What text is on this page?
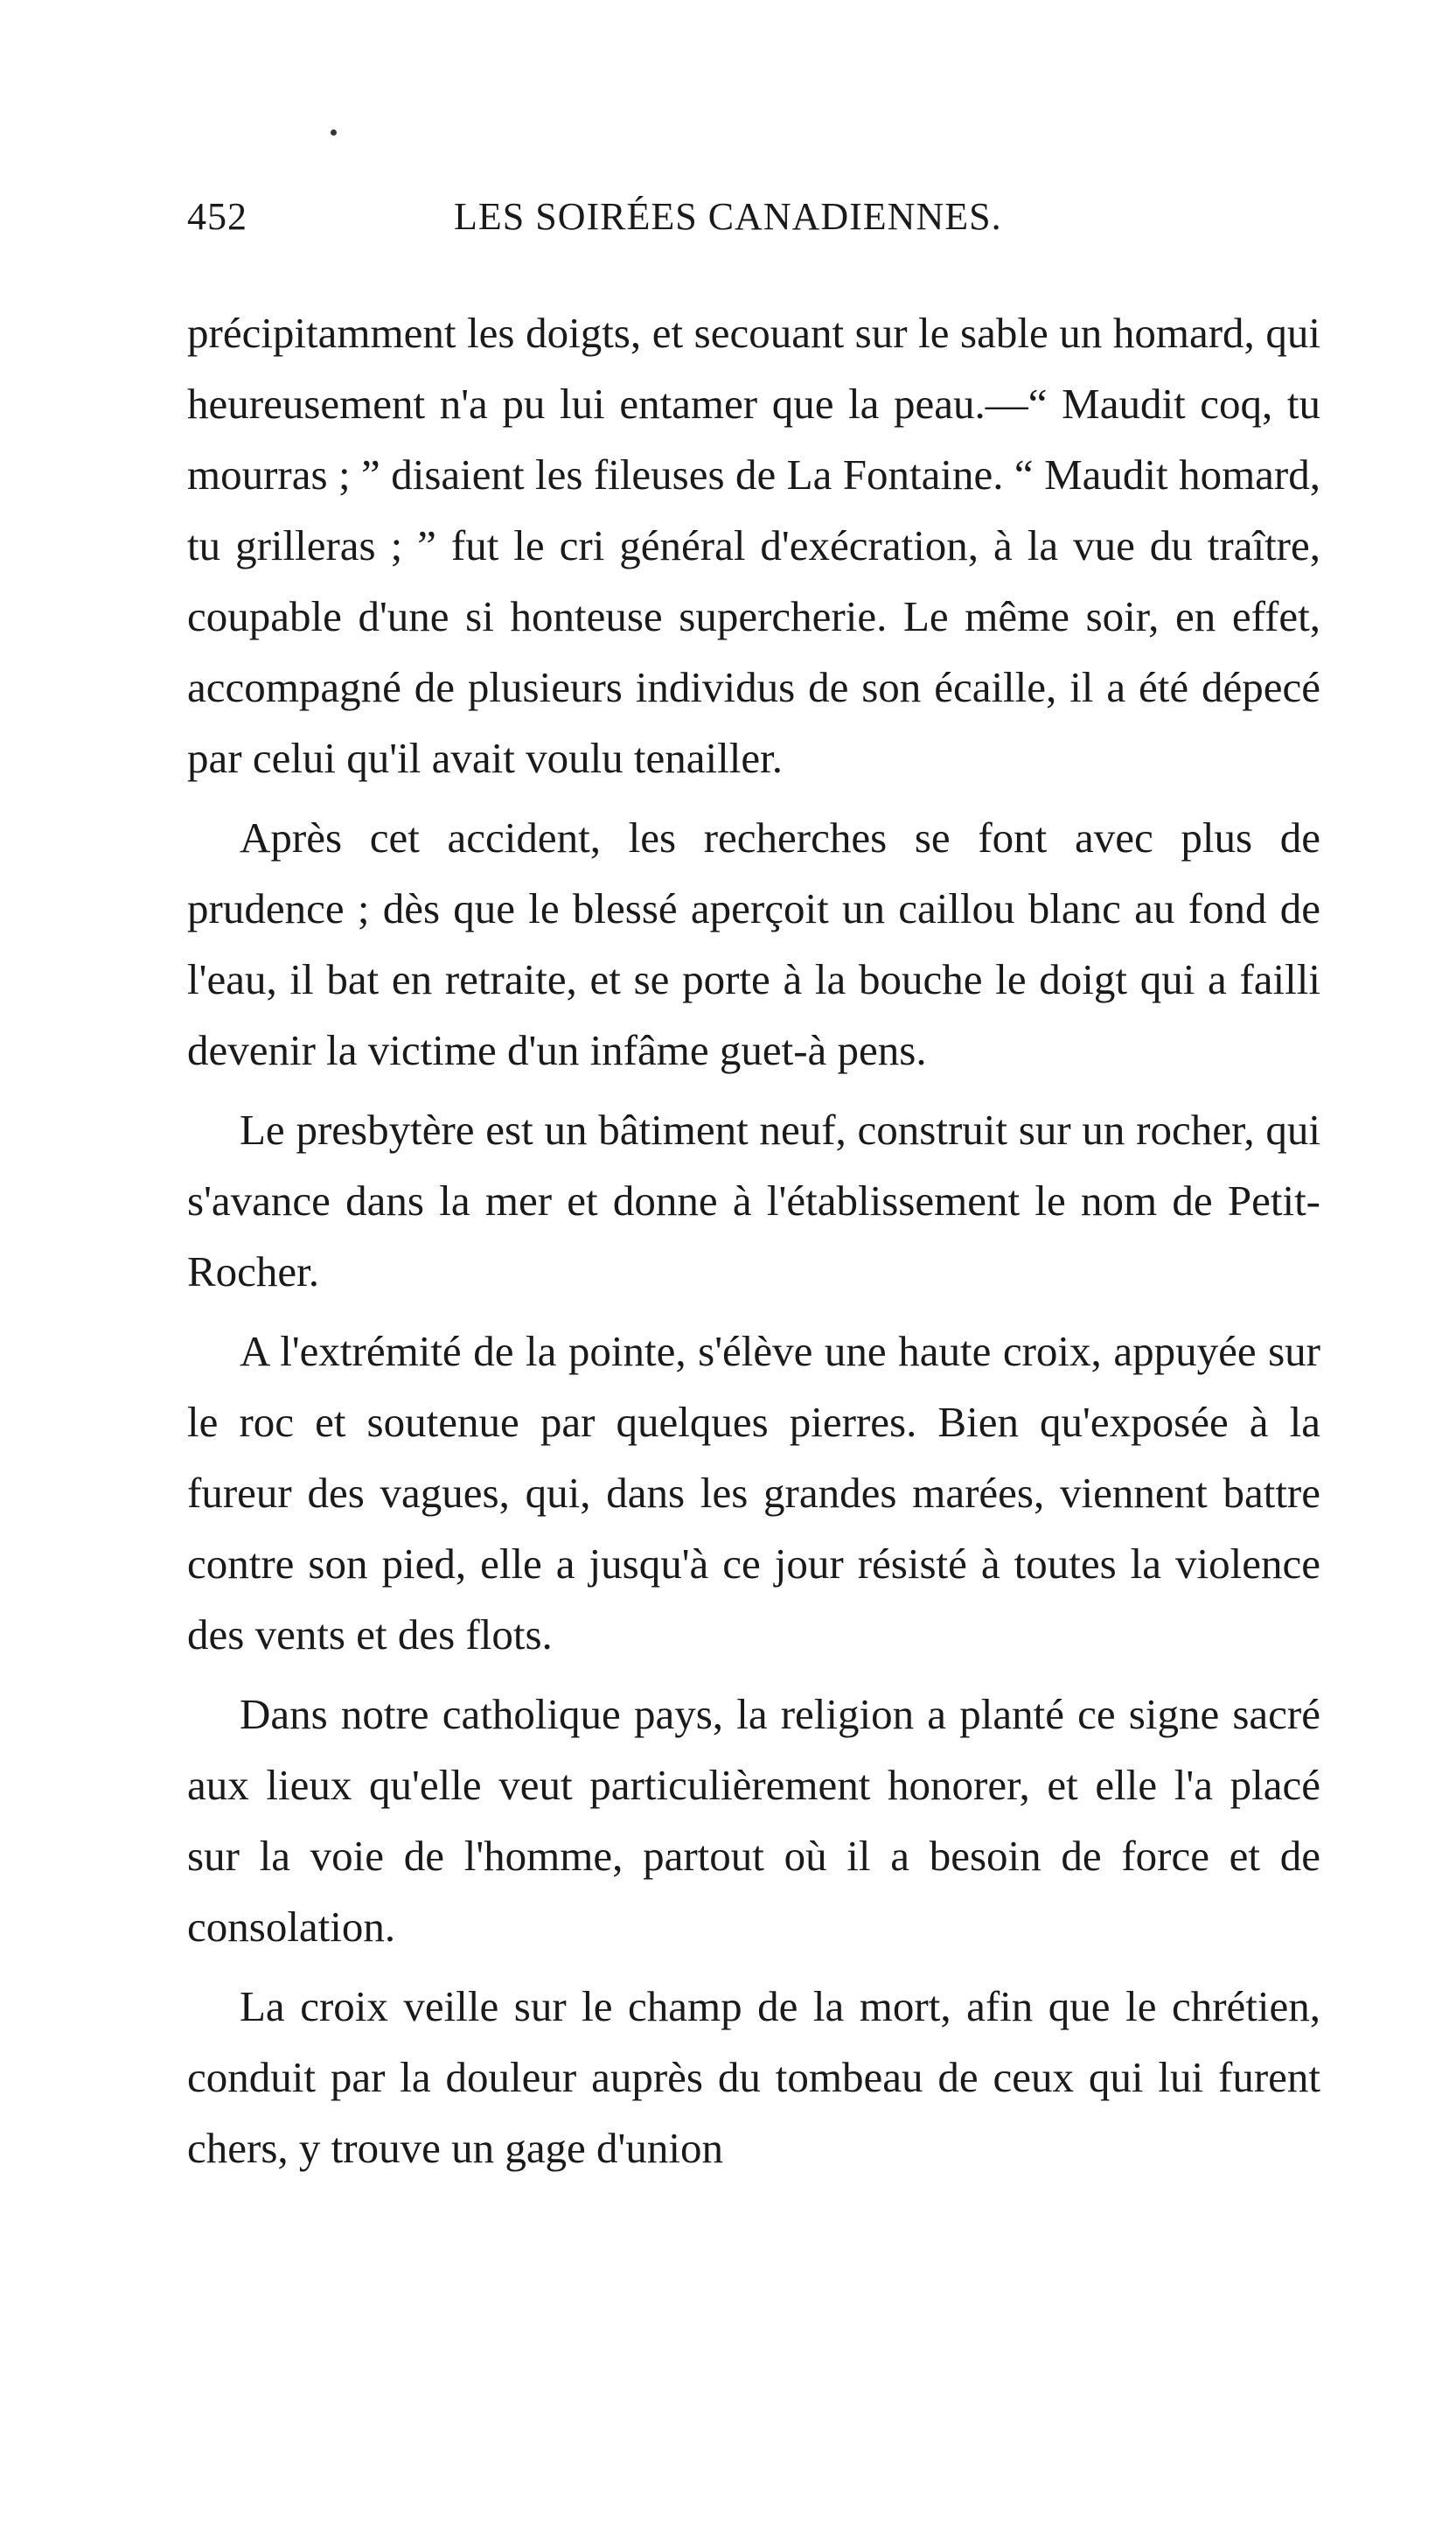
452	LES SOIRÉES CANADIENNES.

précipitamment les doigts, et secouant sur le sable un homard, qui heureusement n'a pu lui entamer que la peau.—“ Maudit coq, tu mourras ; ” disaient les fileuses de La Fontaine. “ Maudit homard, tu grilleras ; ” fut le cri général d'exécration, à la vue du traître, coupable d'une si honteuse supercherie. Le même soir, en effet, accompagné de plusieurs individus de son écaille, il a été dépecé par celui qu'il avait voulu tenailler.

Après cet accident, les recherches se font avec plus de prudence ; dès que le blessé aperçoit un caillou blanc au fond de l'eau, il bat en retraite, et se porte à la bouche le doigt qui a failli devenir la victime d'un infâme guet-à pens.

Le presbytère est un bâtiment neuf, construit sur un rocher, qui s'avance dans la mer et donne à l'établissement le nom de Petit-Rocher.

A l'extrémité de la pointe, s'élève une haute croix, appuyée sur le roc et soutenue par quelques pierres. Bien qu'exposée à la fureur des vagues, qui, dans les grandes marées, viennent battre contre son pied, elle a jusqu'à ce jour résisté à toutes la violence des vents et des flots.

Dans notre catholique pays, la religion a planté ce signe sacré aux lieux qu'elle veut particulièrement honorer, et elle l'a placé sur la voie de l'homme, partout où il a besoin de force et de consolation.

La croix veille sur le champ de la mort, afin que le chrétien, conduit par la douleur auprès du tombeau de ceux qui lui furent chers, y trouve un gage d'union
